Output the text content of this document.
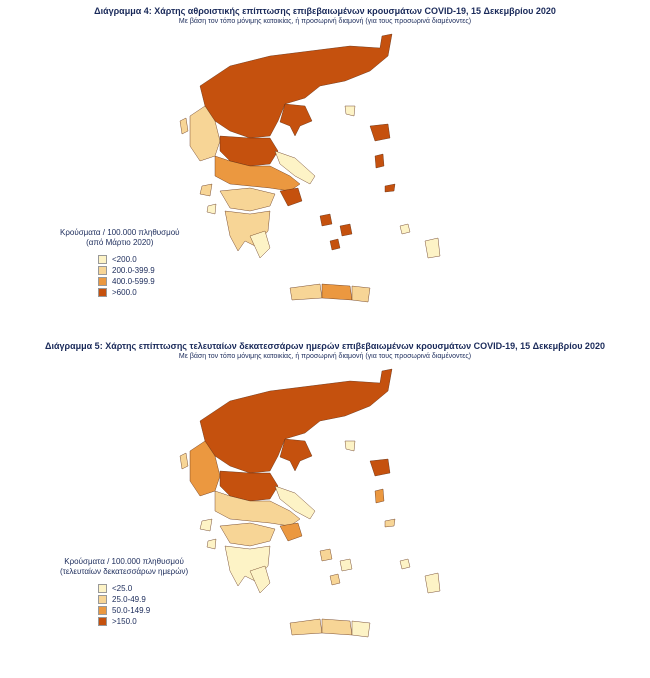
Διάγραμμα 4: Χάρτης αθροιστικής επίπτωσης επιβεβαιωμένων κρουσμάτων COVID-19, 15 Δεκεμβρίου 2020
Με βάση τον τόπο μόνιμης κατοικίας, ή προσωρινή διαμονή (για τους προσωρινά διαμένοντες)
Κρούσματα / 100.000 πληθυσμού
(από Μάρτιο 2020)
<200.0
200.0-399.9
400.0-599.9
>600.0
Διάγραμμα 5: Χάρτης επίπτωσης τελευταίων δεκατεσσάρων ημερών επιβεβαιωμένων κρουσμάτων COVID-19, 15 Δεκεμβρίου 2020
Με βάση τον τόπο μόνιμης κατοικίας, ή προσωρινή διαμονή (για τους προσωρινά διαμένοντες)
Κρούσματα / 100.000 πληθυσμού
(τελευταίων δεκατεσσάρων ημερών)
<25.0
25.0-49.9
50.0-149.9
>150.0
